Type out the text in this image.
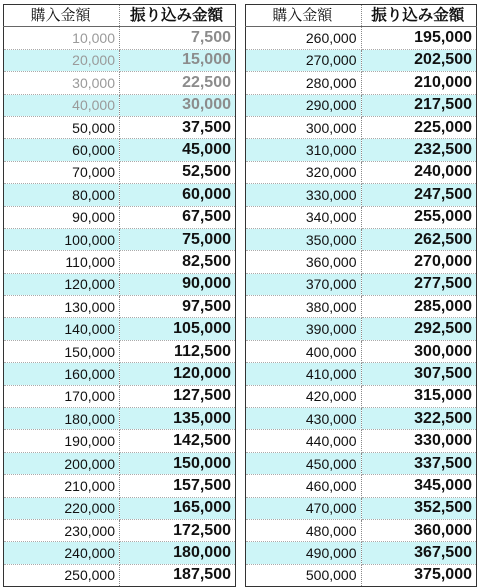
購入金額	振り込み金額
10,000	7,500
20,000	15,000
30,000	22,500
40,000	30,000
50,000	37,500
60,000	45,000
70,000	52,500
80,000	60,000
90,000	67,500
100,000	75,000
110,000	82,500
120,000	90,000
130,000	97,500
140,000	105,000
150,000	112,500
160,000	120,000
170,000	127,500
180,000	135,000
190,000	142,500
200,000	150,000
210,000	157,500
220,000	165,000
230,000	172,500
240,000	180,000
250,000	187,500
購入金額	振り込み金額
260,000	195,000
270,000	202,500
280,000	210,000
290,000	217,500
300,000	225,000
310,000	232,500
320,000	240,000
330,000	247,500
340,000	255,000
350,000	262,500
360,000	270,000
370,000	277,500
380,000	285,000
390,000	292,500
400,000	300,000
410,000	307,500
420,000	315,000
430,000	322,500
440,000	330,000
450,000	337,500
460,000	345,000
470,000	352,500
480,000	360,000
490,000	367,500
500,000	375,000
